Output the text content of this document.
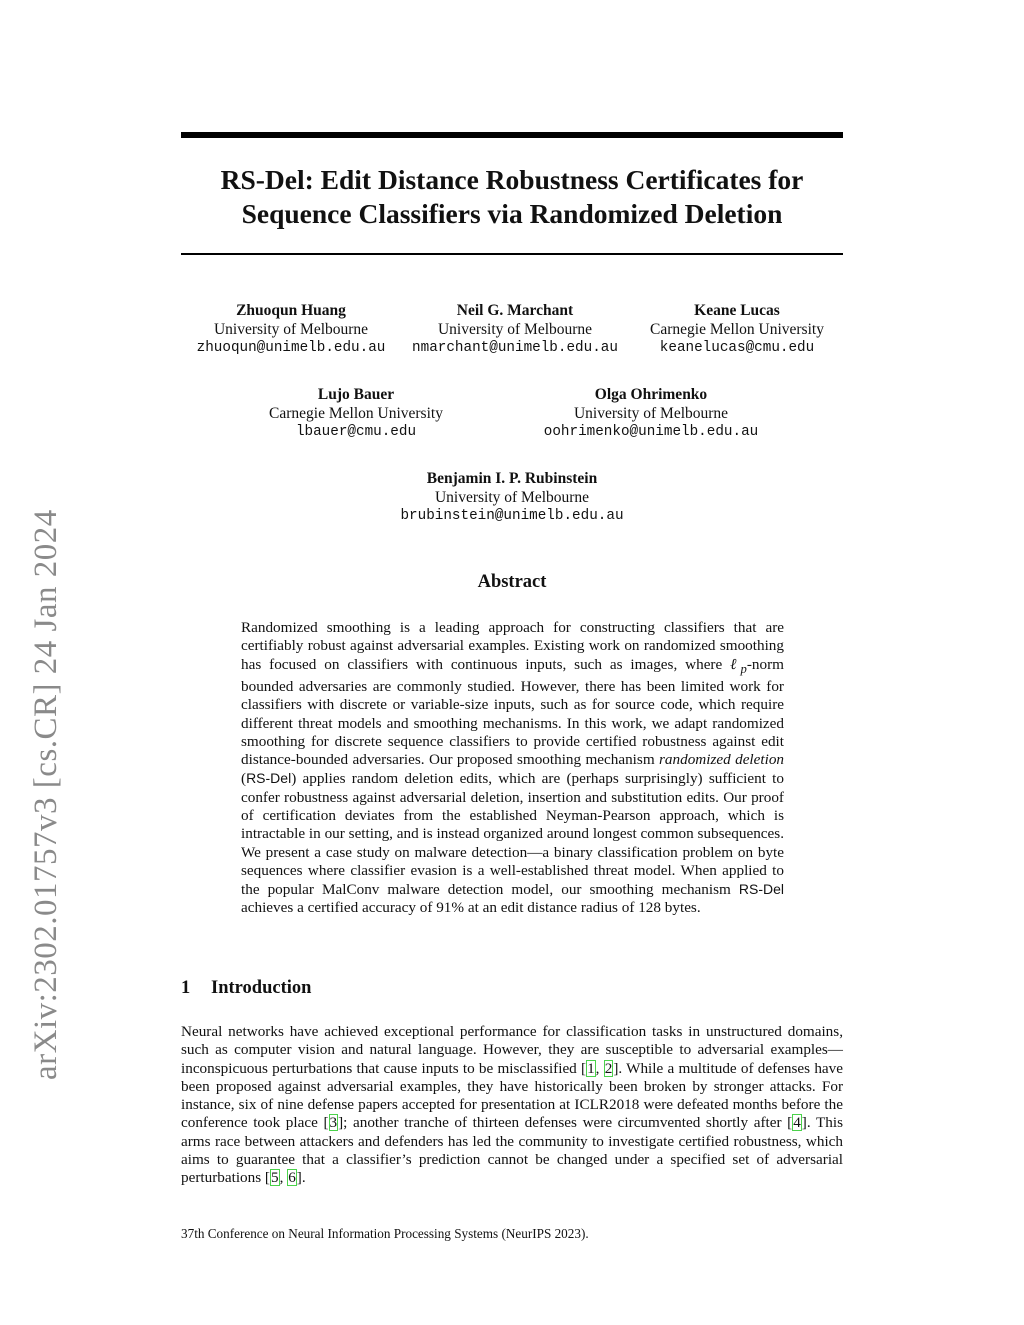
arXiv:2302.01757v3 [cs.CR] 24 Jan 2024
RS-Del: Edit Distance Robustness Certificates for
Sequence Classifiers via Randomized Deletion
Zhuoqun Huang
University of Melbourne
zhuoqun@unimelb.edu.au
Neil G. Marchant
University of Melbourne
nmarchant@unimelb.edu.au
Keane Lucas
Carnegie Mellon University
keanelucas@cmu.edu
Lujo Bauer
Carnegie Mellon University
lbauer@cmu.edu
Olga Ohrimenko
University of Melbourne
oohrimenko@unimelb.edu.au
Benjamin I. P. Rubinstein
University of Melbourne
brubinstein@unimelb.edu.au
Abstract

Randomized smoothing is a leading approach for constructing classifiers that are certifiably robust against adversarial examples. Existing work on randomized smoothing has focused on classifiers with continuous inputs, such as images, where ℓ$_p$-norm bounded adversaries are commonly studied. However, there has been limited work for classifiers with discrete or variable-size inputs, such as for source code, which require different threat models and smoothing mechanisms. In this work, we adapt randomized smoothing for discrete sequence classifiers to provide certified robustness against edit distance-bounded adversaries. Our proposed smoothing mechanism randomized deletion (RS-Del) applies random deletion edits, which are (perhaps surprisingly) sufficient to confer robustness against adversarial deletion, insertion and substitution edits. Our proof of certification deviates from the established Neyman-Pearson approach, which is intractable in our setting, and is instead organized around longest common subsequences. We present a case study on malware detection—a binary classification problem on byte sequences where classifier evasion is a well-established threat model. When applied to the popular MalConv malware detection model, our smoothing mechanism RS-Del achieves a certified accuracy of 91% at an edit distance radius of 128 bytes.

1 Introduction

Neural networks have achieved exceptional performance for classification tasks in unstructured domains, such as computer vision and natural language. However, they are susceptible to adversarial examples—inconspicuous perturbations that cause inputs to be misclassified [1, 2]. While a multitude of defenses have been proposed against adversarial examples, they have historically been broken by stronger attacks. For instance, six of nine defense papers accepted for presentation at ICLR2018 were defeated months before the conference took place [3]; another tranche of thirteen defenses were circumvented shortly after [4]. This arms race between attackers and defenders has led the community to investigate certified robustness, which aims to guarantee that a classifier’s prediction cannot be changed under a specified set of adversarial perturbations [5, 6].

37th Conference on Neural Information Processing Systems (NeurIPS 2023).
